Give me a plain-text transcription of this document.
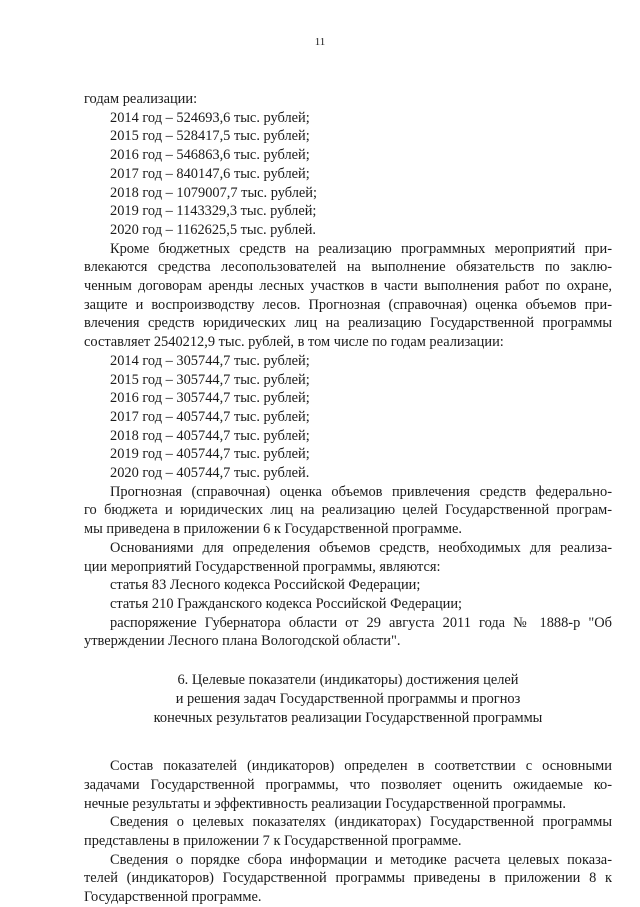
11
годам реализации:
2014 год – 524693,6 тыс. рублей;
2015 год – 528417,5 тыс. рублей;
2016 год – 546863,6 тыс. рублей;
2017 год – 840147,6 тыс. рублей;
2018 год – 1079007,7 тыс. рублей;
2019 год – 1143329,3 тыс. рублей;
2020 год – 1162625,5 тыс. рублей.
Кроме бюджетных средств на реализацию программных мероприятий при-
влекаются средства лесопользователей на выполнение обязательств по заклю-
ченным договорам аренды лесных участков в части выполнения работ по охране,
защите и воспроизводству лесов. Прогнозная (справочная) оценка объемов при-
влечения средств юридических лиц на реализацию Государственной программы
составляет 2540212,9 тыс. рублей, в том числе по годам реализации:
2014 год – 305744,7 тыс. рублей;
2015 год – 305744,7 тыс. рублей;
2016 год – 305744,7 тыс. рублей;
2017 год – 405744,7 тыс. рублей;
2018 год – 405744,7 тыс. рублей;
2019 год – 405744,7 тыс. рублей;
2020 год – 405744,7 тыс. рублей.
Прогнозная (справочная) оценка объемов привлечения средств федерально-
го бюджета и юридических лиц на реализацию целей Государственной програм-
мы приведена в приложении 6 к Государственной программе.
Основаниями для определения объемов средств, необходимых для реализа-
ции мероприятий Государственной программы, являются:
статья 83 Лесного кодекса Российской Федерации;
статья 210 Гражданского кодекса Российской Федерации;
распоряжение Губернатора области от 29 августа 2011 года № 1888-р "Об
утверждении Лесного плана Вологодской области".
6. Целевые показатели (индикаторы) достижения целей
и решения задач Государственной программы и прогноз
конечных результатов реализации Государственной программы
Состав показателей (индикаторов) определен в соответствии с основными
задачами Государственной программы, что позволяет оценить ожидаемые ко-
нечные результаты и эффективность реализации Государственной программы.
Сведения о целевых показателях (индикаторах) Государственной программы
представлены в приложении 7 к Государственной программе.
Сведения о порядке сбора информации и методике расчета целевых показа-
телей (индикаторов) Государственной программы приведены в приложении 8 к
Государственной программе.
